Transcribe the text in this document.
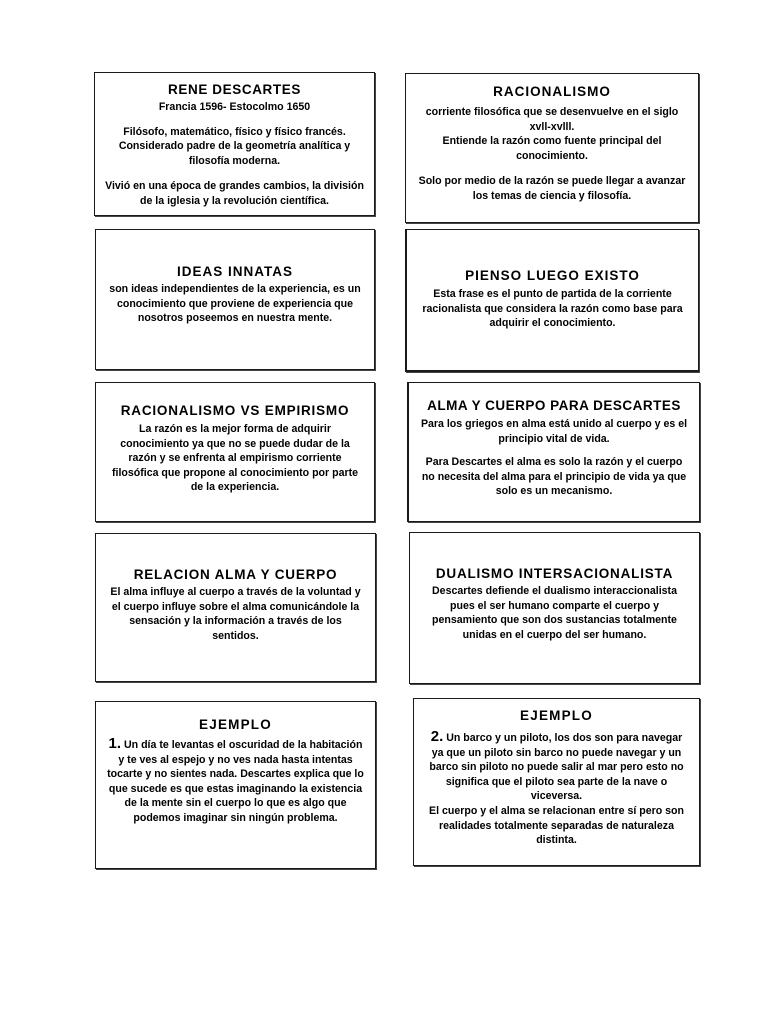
RENE DESCARTES

Francia 1596- Estocolmo 1650

Filósofo, matemático, físico y físico francés. Considerado padre de la geometría analítica y filosofía moderna.

Vivió en una época de grandes cambios, la división de la iglesia y la revolución científica.

RACIONALISMO

corriente filosófica que se desenvuelve en el siglo xvll-xvlll.

Entiende la razón como fuente principal del conocimiento.

Solo por medio de la razón se puede llegar a avanzar los temas de ciencia y filosofía.

IDEAS INNATAS

son ideas independientes de la experiencia, es un conocimiento que proviene de experiencia que nosotros poseemos en nuestra mente.

PIENSO LUEGO EXISTO

Esta frase es el punto de partida de la corriente racionalista que considera la razón como base para adquirir el conocimiento.

RACIONALISMO VS EMPIRISMO

La razón es la mejor forma de adquirir conocimiento ya que no se puede dudar de la razón y se enfrenta al empirismo corriente filosófica que propone al conocimiento por parte de la experiencia.

ALMA Y CUERPO PARA DESCARTES

Para los griegos en alma está unido al cuerpo y es el principio vital de vida.

Para Descartes el alma es solo la razón y el cuerpo no necesita del alma para el principio de vida ya que solo es un mecanismo.

RELACION ALMA Y CUERPO

El alma influye al cuerpo a través de la voluntad y el cuerpo influye sobre el alma comunicándole la sensación y la información a través de los sentidos.

DUALISMO INTERSACIONALISTA

Descartes defiende el dualismo interaccionalista pues el ser humano comparte el cuerpo y pensamiento que son dos sustancias totalmente unidas en el cuerpo del ser humano.

EJEMPLO

1. Un día te levantas el oscuridad de la habitación y te ves al espejo y no ves nada hasta intentas tocarte y no sientes nada. Descartes explica que lo que sucede es que estas imaginando la existencia de la mente sin el cuerpo lo que es algo que podemos imaginar sin ningún problema.

EJEMPLO

2. Un barco y un piloto, los dos son para navegar ya que un piloto sin barco no puede navegar y un barco sin piloto no puede salir al mar pero esto no significa que el piloto sea parte de la nave o viceversa.

El cuerpo y el alma se relacionan entre sí pero son realidades totalmente separadas de naturaleza distinta.
